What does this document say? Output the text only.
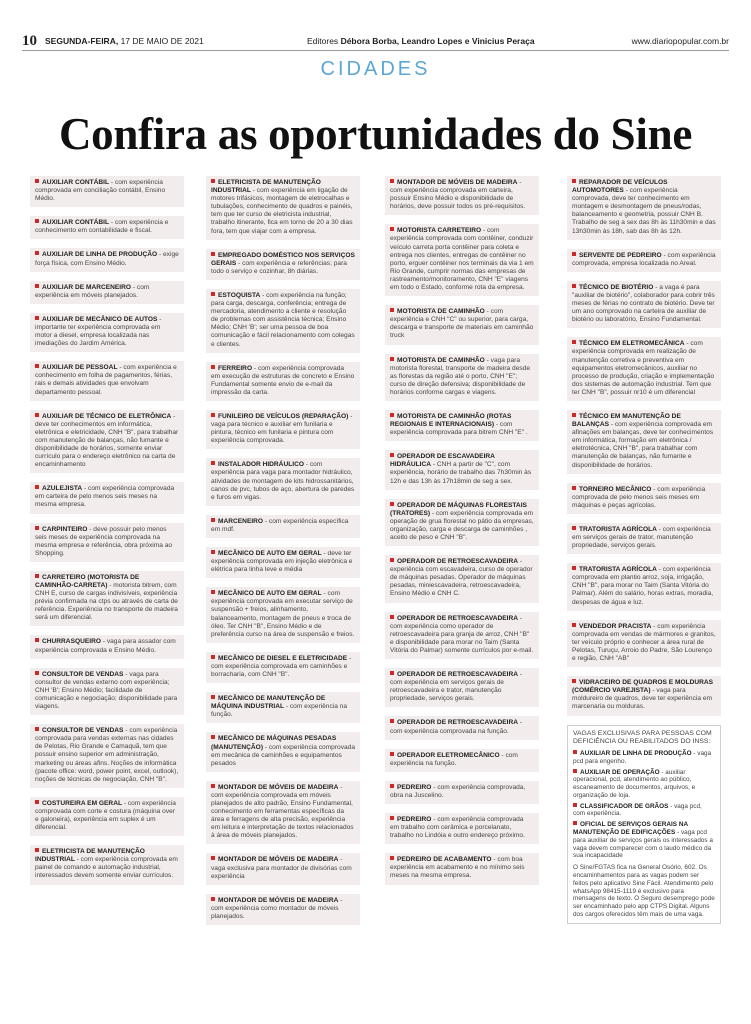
10 SEGUNDA-FEIRA, 17 DE MAIO DE 2021	Editores Débora Borba, Leandro Lopes e Vinicius Peraça	www.diariopopular.com.br
CIDADES
Confira as oportunidades do Sine
AUXILIAR CONTÁBIL - com experiência comprovada em conciliação contábil, Ensino Médio.
AUXILIAR CONTÁBIL - com experiência e conhecimento em contabilidade e fiscal.
AUXILIAR DE LINHA DE PRODUÇÃO - exige força física, com Ensino Médio.
AUXILIAR DE MARCENEIRO - com experiência em móveis planejados.
AUXILIAR DE MECÂNICO DE AUTOS - importante ter experiência comprovada em motor a diesel, empresa localizada nas imediações do Jardim América.
AUXILIAR DE PESSOAL - com experiência e conhecimento em folha de pagamentos, férias, rais e demais atividades que envolvam departamento pessoal.
AUXILIAR DE TÉCNICO DE ELETRÔNICA - deve ter conhecimentos em informática, eletrônica e eletricidade, CNH "B", para trabalhar com manutenção de balanças, não fumante e disponibilidade de horários, somente enviar currículo para o endereço eletrônico na carta de encaminhamento
AZULEJISTA - com experiência comprovada em carteira de pelo menos seis meses na mesma empresa.
CARPINTEIRO - deve possuir pelo menos seis meses de experiência comprovada na mesma empresa e referência, obra próxima ao Shopping.
CARRETEIRO (MOTORISTA DE CAMINHÃO-CARRETA) - motorista bitrem, com CNH E, curso de cargas indivisíveis, experiência prévia confirmada na ctps ou através de carta de referência. Experiência no transporte de madeira será um diferencial.
CHURRASQUEIRO - vaga para assador com experiência comprovada e Ensino Médio.
CONSULTOR DE VENDAS - vaga para consultor de vendas externo com experiência; CNH 'B'; Ensino Médio; facilidade de comunicação e negociação; disponibilidade para viagens.
CONSULTOR DE VENDAS - com experiência comprovada para vendas externas nas cidades de Pelotas, Rio Grande e Camaquã, tem que possuir ensino superior em administração, marketing ou áreas afins. Noções de informática (pacote office: word, power point, excel, outlook), noções de técnicas de negociação, CNH "B".
COSTUREIRA EM GERAL - com experiência comprovada com corte e costura (máquina over e galoneira), experiência em suplex é um diferencial.
ELETRICISTA DE MANUTENÇÃO INDUSTRIAL - com experiência comprovada em painel de comando e automação industrial, interessados devem somente enviar currículos.
ELETRICISTA DE MANUTENÇÃO INDUSTRIAL - com experiência em ligação de motores trifásicos, montagem de eletrocalhas e tubulações, conhecimento de quadros e painéis, tem que ter curso de eletricista industrial, trabalho itinerante, fica em torno de 20 a 30 dias fora, tem que viajar com a empresa.
EMPREGADO DOMÉSTICO NOS SERVIÇOS GERAIS - com experiência e referências; para todo o serviço e cozinhar, 8h diárias.
ESTOQUISTA - com experiência na função; para carga, descarga, conferência; entrega de mercadoria, atendimento a cliente e resolução de problemas com assistência técnica; Ensino Médio; CNH 'B'; ser uma pessoa de boa comunicação e fácil relacionamento com colegas e clientes.
FERREIRO - com experiência comprovada em execução de estruturas de concreto e Ensino Fundamental somente envio de e-mail da impressão da carta.
FUNILEIRO DE VEÍCULOS (REPARAÇÃO) - vaga para técnico e auxiliar em funilaria e pintura, técnico em funilaria e pintura com experiência comprovada.
INSTALADOR HIDRÁULICO - com experiência para vaga para montador hidráulico, atividades de montagem de kits hidrossanitários, canos de pvc, tubos de aço, abertura de paredes e furos em vigas.
MARCENEIRO - com experiência específica em mdf.
MECÂNICO DE AUTO EM GERAL - deve ter experiência comprovada em injeção eletrônica e elétrica para linha leve e média
MECÂNICO DE AUTO EM GERAL - com experiência comprovada em executar serviço de suspensão + freios, alinhamento, balanceamento, montagem de pneus e troca de óleo. Ter CNH "B", Ensino Médio e de preferência curso na área de suspensão e freios.
MECÂNICO DE DIESEL E ELETRICIDADE - com experiência comprovada em caminhões e borracharia, com CNH "B".
MECÂNICO DE MANUTENÇÃO DE MÁQUINA INDUSTRIAL - com experiência na função.
MECÂNICO DE MÁQUINAS PESADAS (MANUTENÇÃO) - com experiência comprovada em mecânica de caminhões e equipamentos pesados
MONTADOR DE MÓVEIS DE MADEIRA - com experiência comprovada em móveis planejados de alto padrão, Ensino Fundamental, conhecimento em ferramentas específicas da área e ferragens de alta precisão, experiência em leitura e interpretação de textos relacionados à área de móveis planejados.
MONTADOR DE MÓVEIS DE MADEIRA - vaga exclusiva para montador de divisórias com experiência
MONTADOR DE MÓVEIS DE MADEIRA - com experiência como montador de móveis planejados.
MONTADOR DE MÓVEIS DE MADEIRA - com experiência comprovada em carteira, possuir Ensino Médio e disponibilidade de horários, deve possuir todos os pré-requisitos.
MOTORISTA CARRETEIRO - com experiência comprovada com contêiner, conduzir veículo carreta porta contêiner para coleta e entrega nos clientes, entregas de contêiner no porto, erguer contêiner nos terminais da via 1 em Rio Grande, cumprir normas das empresas de rastreamento/monitoramento, CNH "E" viagens em todo o Estado, conforme rota da empresa.
MOTORISTA DE CAMINHÃO - com experiência e CNH "C" ou superior, para carga, descarga e transporte de materiais em caminhão truck
MOTORISTA DE CAMINHÃO - vaga para motorista florestal, transporte de madeira desde as florestas da região até o porto, CNH "E"; curso de direção defensiva; disponibilidade de horários conforme cargas e viagens.
MOTORISTA DE CAMINHÃO (ROTAS REGIONAIS E INTERNACIONAIS) - com experiência comprovada para bitrem CNH "E" .
OPERADOR DE ESCAVADEIRA HIDRÁULICA - CNH a partir de "C", com experiência, horário de trabalho das 7h30min às 12h e das 13h às 17h18min de seg a sex.
OPERADOR DE MÁQUINAS FLORESTAIS (TRATORES) - com experiência comprovada em operação de grua florestal no pátio da empresas, organização, carga e descarga de caminhões , aceito de peso e CNH "B".
OPERADOR DE RETROESCAVADEIRA - experiência com escavadeira, curso de operador de máquinas pesadas. Operador de máquinas pesadas, miniescavadeira, retroescavadeira, Ensino Médio e CNH C.
OPERADOR DE RETROESCAVADEIRA - com experiência como operador de retroescavadeira para granja de arroz, CNH "B" e disponibilidade para morar no Taim (Santa Vitória do Palmar) somente currículos por e-mail.
OPERADOR DE RETROESCAVADEIRA - com experiência em serviços gerais de retroescavadeira e trator, manutenção propriedade, serviços gerais.
OPERADOR DE RETROESCAVADEIRA - com experiência comprovada na função.
OPERADOR ELETROMECÂNICO - com experiência na função.
PEDREIRO - com experiência comprovada, obra na Juscelino.
PEDREIRO - com experiência comprovada em trabalho com cerâmica e porcelanato, trabalho no Lindóia e outro endereço próximo.
PEDREIRO DE ACABAMENTO - com boa experiência em acabamento e no mínimo seis meses na mesma empresa.
REPARADOR DE VEÍCULOS AUTOMOTORES - com experiência comprovada, deve ter conhecimento em montagem e desmontagem de pneus/rodas, balanceamento e geometria, possuir CNH B. Trabalho de seg a sex das 8h às 11h30min e das 13h30min às 18h, sab das 8h às 12h.
SERVENTE DE PEDREIRO - com experiência comprovada, empresa localizada no Areal.
TÉCNICO DE BIOTÉRIO - a vaga é para "auxiliar de biotério", colaborador para cobrir três meses de férias no contrato de biotério. Deve ter um ano comprovado na carteira de auxiliar de biotério ou laboratório, Ensino Fundamental.
TÉCNICO EM ELETROMECÂNICA - com experiência comprovada em realização de manutenção corretiva e preventiva em equipamentos eletromecânicos, auxiliar no processo de produção, criação e implementação dos sistemas de automação industrial. Tem que ter CNH "B", possuir nr10 é um diferencial
TÉCNICO EM MANUTENÇÃO DE BALANÇAS - com experiência comprovada em afinações em balanças, deve ter conhecimentos em informática, formação em eletrônica / eletrotécnica, CNH "B", para trabalhar com manutenção de balanças, não fumante e disponibilidade de horários.
TORNEIRO MECÂNICO - com experiência comprovada de pelo menos seis meses em máquinas e peças agrícolas.
TRATORISTA AGRÍCOLA - com experiência em serviços gerais de trator, manutenção propriedade, serviços gerais.
TRATORISTA AGRÍCOLA - com experiência comprovada em plantio arroz, soja, irrigação, CNH "B", para morar no Taim (Santa Vitória do Palmar). Além do salário, horas extras, moradia, despesas de água e luz.
VENDEDOR PRACISTA - com experiência comprovada em vendas de mármores e granitos, ter veículo próprio e conhecer a área rural de Pelotas, Turuçu, Arroio do Padre, São Lourenço e região, CNH "AB"
VIDRACEIRO DE QUADROS E MOLDURAS (COMÉRCIO VAREJISTA) - vaga para moldureiro de quadros, deve ter experiência em marcenaria ou molduras.
VAGAS EXCLUSIVAS PARA PESSOAS COM DEFICIÊNCIA OU REABILITADOS DO INSS:
AUXILIAR DE LINHA DE PRODUÇÃO - vaga pcd para engenho.
AUXILIAR DE OPERAÇÃO - auxiliar operacional, pcd, atendimento ao público, escaneamento de documentos, arquivos, e organização de loja.
CLASSIFICADOR DE GRÃOS - vaga pcd, com experiência.
OFICIAL DE SERVIÇOS GERAIS NA MANUTENÇÃO DE EDIFICAÇÕES - vaga pcd para auxiliar de serviços gerais os interessados a vaga devem comparecer com o laudo médico da sua incapacidade
O Sine/FGTAS fica na General Osório, 602. Os encaminhamentos para as vagas podem ser feitos pelo aplicativo Sine Fácil. Atendimento pelo whatsApp 98415-1119 é exclusivo para mensagens de texto. O Seguro desemprego pode ser encaminhado pelo app CTPS Digital. Alguns dos cargos oferecidos têm mais de uma vaga.
